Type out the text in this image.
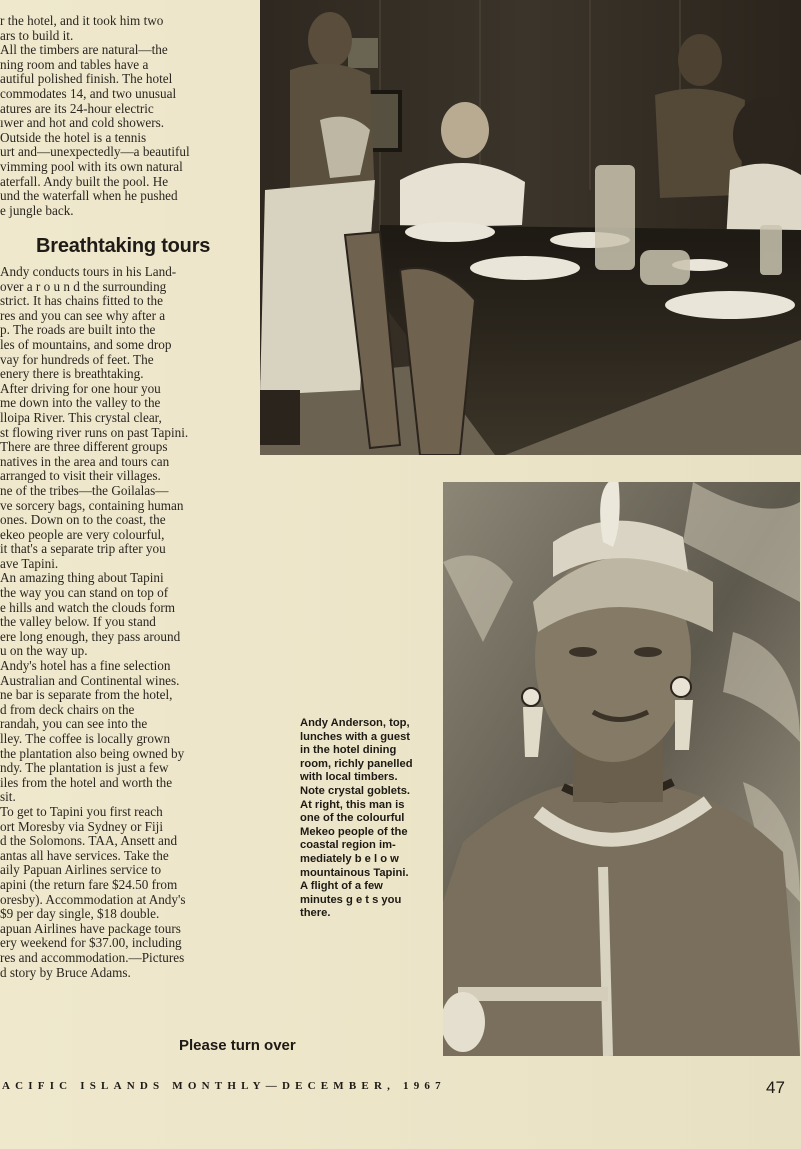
r the hotel, and it took him two

ars to build it.

All the timbers are natural—the

ning room and tables have a

autiful polished finish. The hotel

commodates 14, and two unusual

atures are its 24-hour electric

ıwer and hot and cold showers.

Outside the hotel is a tennis

urt and—unexpectedly—a beautiful

vimming pool with its own natural

aterfall. Andy built the pool. He

und the waterfall when he pushed

e jungle back.

Breathtaking tours

Andy conducts tours in his Land-

over a r o u n d the surrounding

strict. It has chains fitted to the

res and you can see why after a

p. The roads are built into the

les of mountains, and some drop

vay for hundreds of feet. The

enery there is breathtaking.

After driving for one hour you

me down into the valley to the

lloipa River. This crystal clear,

st flowing river runs on past Tapini.

There are three different groups

natives in the area and tours can

arranged to visit their villages.

ne of the tribes—the Goilalas—

ve sorcery bags, containing human

ones. Down on to the coast, the

ekeo people are very colourful,

it that's a separate trip after you

ave Tapini.

An amazing thing about Tapini

the way you can stand on top of

e hills and watch the clouds form

the valley below. If you stand

ere long enough, they pass around

u on the way up.

Andy's hotel has a fine selection

Australian and Continental wines.

ne bar is separate from the hotel,

d from deck chairs on the

randah, you can see into the

lley. The coffee is locally grown

the plantation also being owned by

ndy. The plantation is just a few

iles from the hotel and worth the

sit.

To get to Tapini you first reach

ort Moresby via Sydney or Fiji

d the Solomons. TAA, Ansett and

antas all have services. Take the

aily Papuan Airlines service to

apini (the return fare $24.50 from

oresby). Accommodation at Andy's

$9 per day single, $18 double.

apuan Airlines have package tours

ery weekend for $37.00, including

res and accommodation.—Pictures

d story by Bruce Adams.

Andy Anderson, top,
lunches with a guest
in the hotel dining
room, richly panelled
with local timbers.
Note crystal goblets.
At right, this man is
one of the colourful
Mekeo people of the
coastal region im-
mediately b e l o w
mountainous Tapini.
A flight of a few
minutes g e t s you
there.
Please turn over
ACIFIC ISLANDS MONTHLY—DECEMBER, 1967	47
